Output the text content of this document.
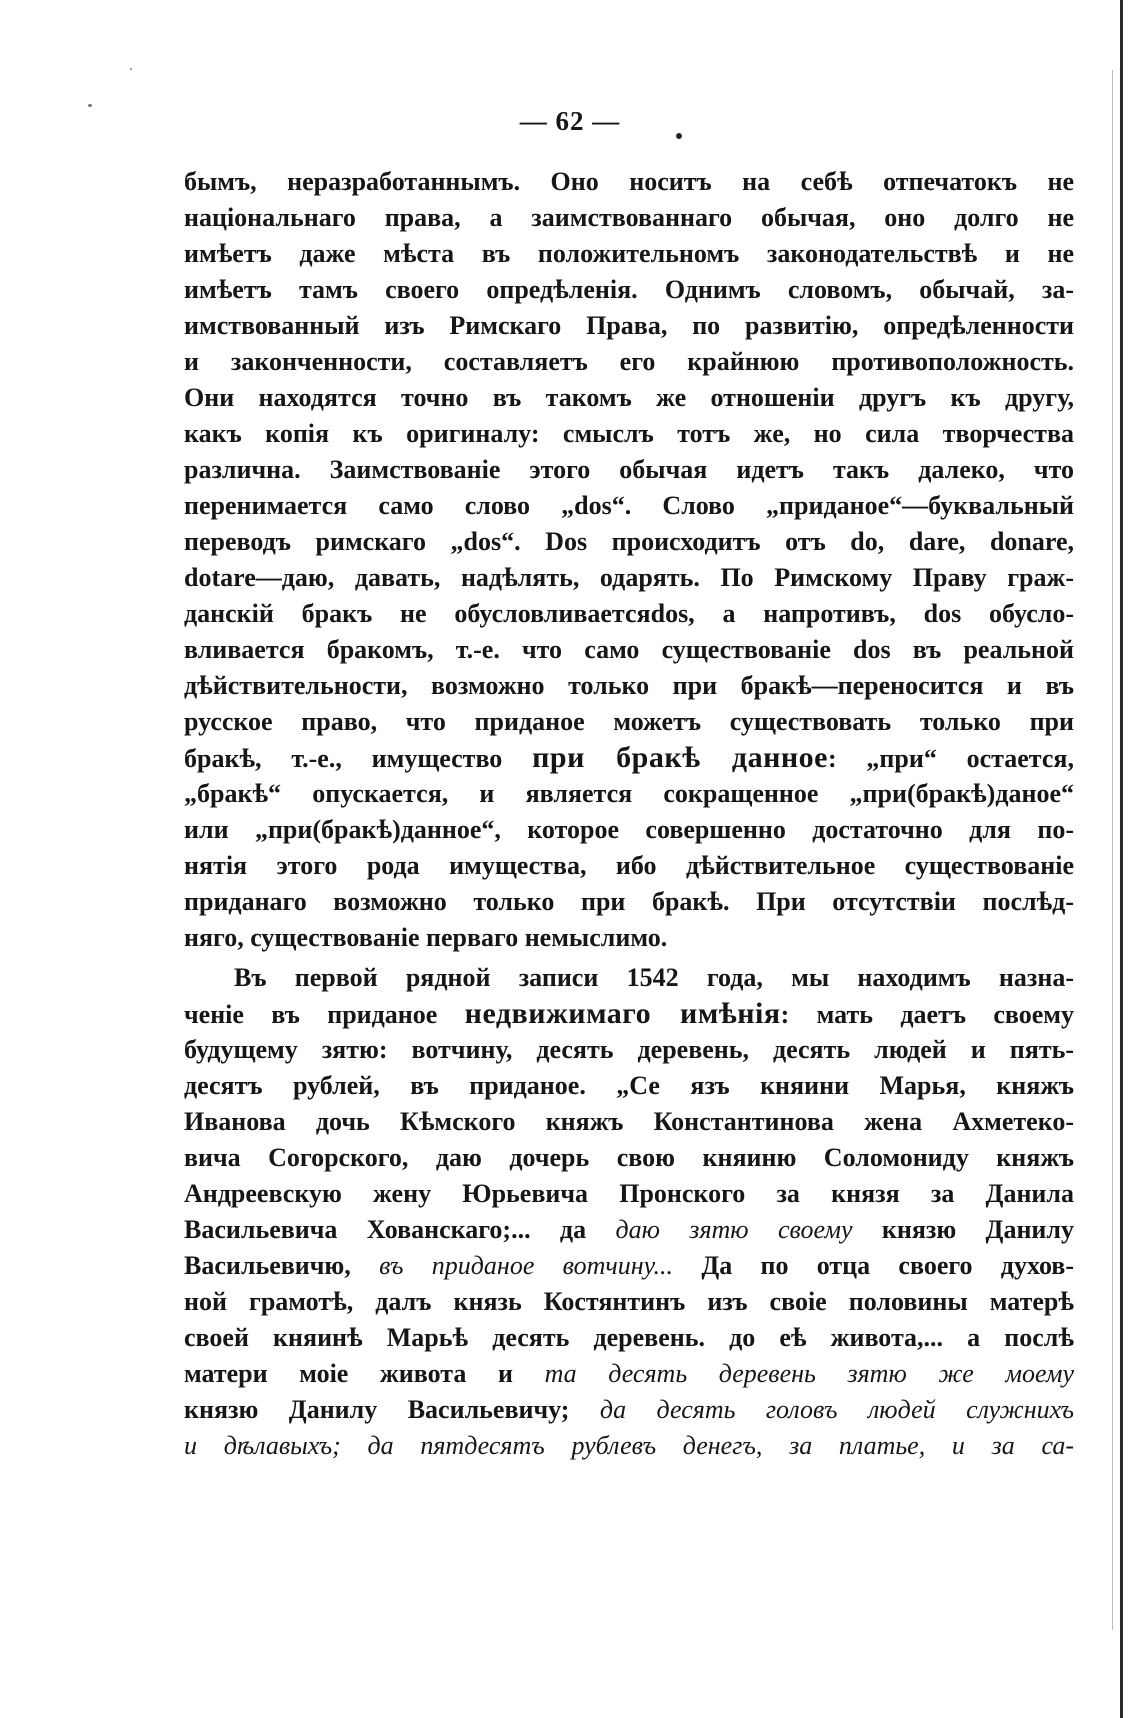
— 62 —
бымъ, неразработаннымъ. Оно носитъ на себѣ отпечатокъ не
національнаго права, а заимствованнаго обычая, оно долго не
имѣетъ даже мѣста въ положительномъ законодательствѣ и не
имѣетъ тамъ своего опредѣленія. Однимъ словомъ, обычай, за-
имствованный изъ Римскаго Права, по развитію, опредѣленности
и законченности, составляетъ его крайнюю противоположность.
Они находятся точно въ такомъ же отношеніи другъ къ другу,
какъ копія къ оригиналу: смыслъ тотъ же, но сила творчества
различна. Заимствованіе этого обычая идетъ такъ далеко, что
перенимается само слово „dos“. Слово „приданое“—буквальный
переводъ римскаго „dos“. Dos происходитъ отъ do, dare, donare,
dotare—даю, давать, надѣлять, одарять. По Римскому Праву граж-
данскій бракъ не обусловливаетсяdos, а напротивъ, dos обусло-
вливается бракомъ, т.-е. что само существованіе dos въ реальной
дѣйствительности, возможно только при бракѣ—переносится и въ
русское право, что приданое можетъ существовать только при
бракѣ, т.-е., имущество при бракѣ данное: „при“ остается,
„бракѣ“ опускается, и является сокращенное „при(бракѣ)даное“
или „при(бракѣ)данное“, которое совершенно достаточно для по-
нятія этого рода имущества, ибо дѣйствительное существованіе
приданаго возможно только при бракѣ. При отсутствіи послѣд-
няго, существованіе перваго немыслимо.
Въ первой рядной записи 1542 года, мы находимъ назна-
ченіе въ приданое недвижимаго имѣнія: мать даетъ своему
будущему зятю: вотчину, десять деревень, десять людей и пять-
десятъ рублей, въ приданое. „Се язъ княини Марья, княжъ
Иванова дочь Кѣмского княжъ Константинова жена Ахметеко-
вича Согорского, даю дочерь свою княиню Соломониду княжъ
Андреевскую жену Юрьевича Пронского за князя за Данила
Васильевича Хованскаго;... да даю зятю своему князю Данилу
Васильевичю, въ приданое вотчину... Да по отца своего духов-
ной грамотѣ, далъ князь Костянтинъ изъ своіе половины матерѣ
своей княинѣ Марьѣ десять деревень. до еѣ живота,... а послѣ
матери моіе живота и та десять деревень зятю же моему
князю Данилу Васильевичу; да десять головъ людей служнихъ
и дѣлавыхъ; да пятдесятъ рублевъ денегъ, за платье, и за са-
